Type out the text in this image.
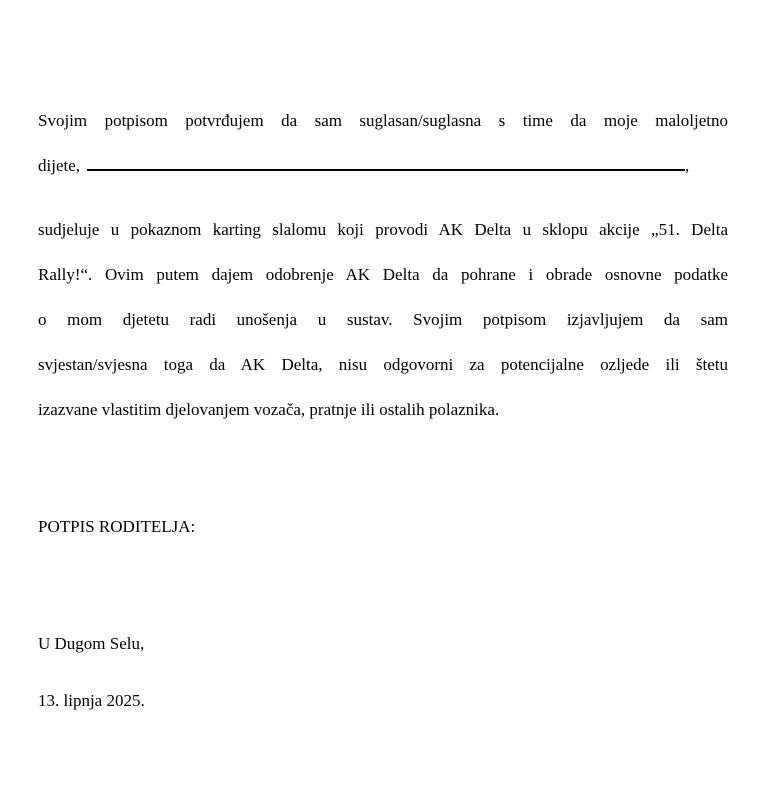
Svojim potpisom potvrđujem da sam suglasan/suglasna s time da moje maloljetno
dijete,	,
sudjeluje u pokaznom karting slalomu koji provodi AK Delta u sklopu akcije „51. Delta
Rally!“. Ovim putem dajem odobrenje AK Delta da pohrane i obrade osnovne podatke
o mom djetetu radi unošenja u sustav. Svojim potpisom izjavljujem da sam
svjestan/svjesna toga da AK Delta, nisu odgovorni za potencijalne ozljede ili štetu
izazvane vlastitim djelovanjem vozača, pratnje ili ostalih polaznika.
POTPIS RODITELJA:
U Dugom Selu,
13. lipnja 2025.
